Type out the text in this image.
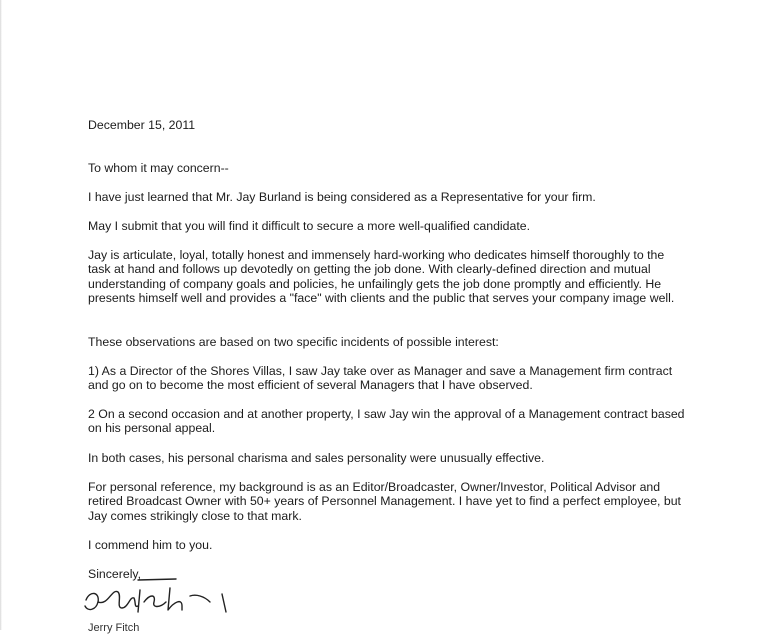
December 15, 2011

To whom it may concern--

I have just learned that Mr. Jay Burland is being considered as a Representative for your firm.

May I submit that you will find it difficult to secure a more well-qualified candidate.

Jay is articulate, loyal, totally honest and immensely hard-working who dedicates himself thoroughly to the task at hand and follows up devotedly on getting the job done. With clearly-defined direction and mutual understanding of company goals and policies, he unfailingly gets the job done promptly and efficiently. He presents himself well and provides a "face" with clients and the public that serves your company image well.

These observations are based on two specific incidents of possible interest:

1) As a Director of the Shores Villas, I saw Jay take over as Manager and save a Management firm contract and go on to become the most efficient of several Managers that I have observed.

2 On a second occasion and at another property, I saw Jay win the approval of a Management contract based on his personal appeal.

In both cases, his personal charisma and sales personality were unusually effective.

For personal reference, my background is as an Editor/Broadcaster, Owner/Investor, Political Advisor and retired Broadcast Owner with 50+ years of Personnel Management. I have yet to find a perfect employee, but Jay comes strikingly close to that mark.

I commend him to you.

Sincerely,
Jerry Fitch
